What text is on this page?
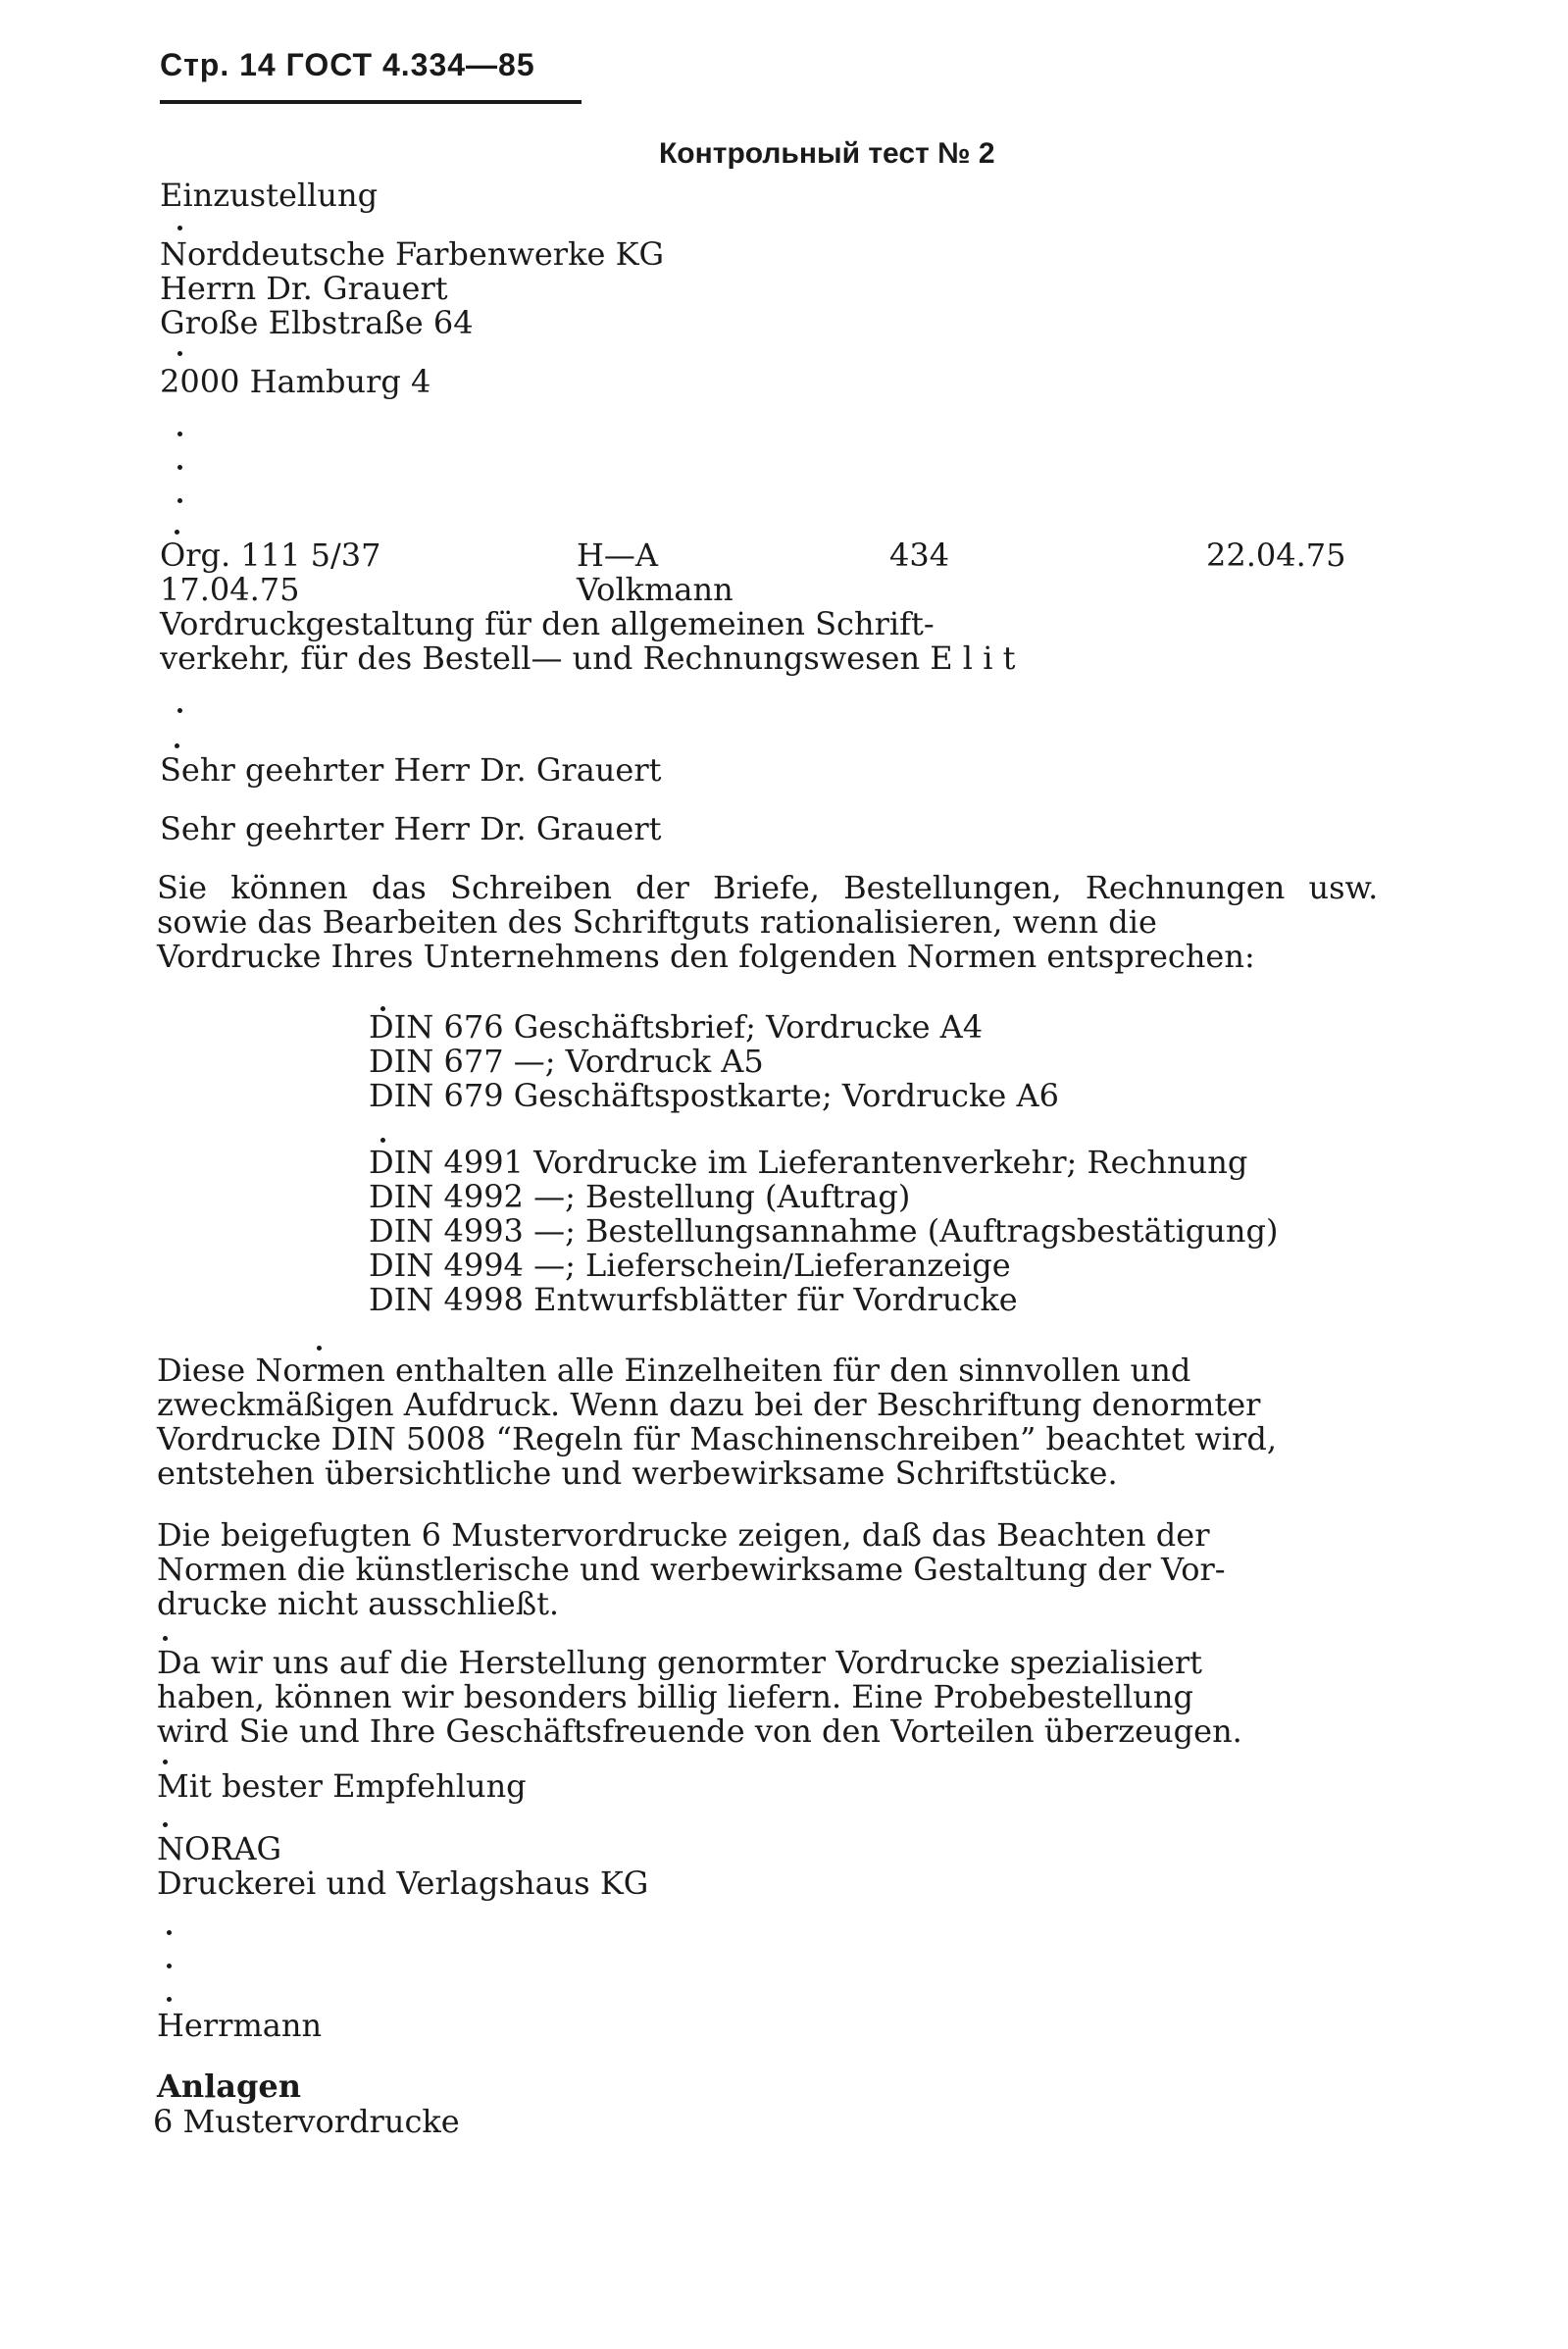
Стр. 14 ГОСТ 4.334—85
Контрольный тест № 2
Einzustellung
Norddeutsche Farbenwerke KG
Herrn Dr. Grauert
Große Elbstraße 64
2000 Hamburg 4
Org. 111 5/37	H—A	434	22.04.75
17.04.75	Volkmann
Vordruckgestaltung für den allgemeinen Schrift-
verkehr, für des Bestell— und Rechnungswesen E l i t
Sehr geehrter Herr Dr. Grauert
Sehr geehrter Herr Dr. Grauert
Sie können das Schreiben der Briefe, Bestellungen, Rechnungen usw.
sowie das Bearbeiten des Schriftguts rationalisieren, wenn die
Vordrucke Ihres Unternehmens den folgenden Normen entsprechen:
DIN 676 Geschäftsbrief; Vordrucke A4
DIN 677 —; Vordruck A5
DIN 679 Geschäftspostkarte; Vordrucke A6
DIN 4991 Vordrucke im Lieferantenverkehr; Rechnung
DIN 4992 —; Bestellung (Auftrag)
DIN 4993 —; Bestellungsannahme (Auftragsbestätigung)
DIN 4994 —; Lieferschein/Lieferanzeige
DIN 4998 Entwurfsblätter für Vordrucke
Diese Normen enthalten alle Einzelheiten für den sinnvollen und
zweckmäßigen Aufdruck. Wenn dazu bei der Beschriftung denormter
Vordrucke DIN 5008 “Regeln für Maschinenschreiben” beachtet wird,
entstehen übersichtliche und werbewirksame Schriftstücke.
Die beigefugten 6 Mustervordrucke zeigen, daß das Beachten der
Normen die künstlerische und werbewirksame Gestaltung der Vor-
drucke nicht ausschließt.
Da wir uns auf die Herstellung genormter Vordrucke spezialisiert
haben, können wir besonders billig liefern. Eine Probebestellung
wird Sie und Ihre Geschäftsfreuende von den Vorteilen überzeugen.
Mit bester Empfehlung
NORAG
Druckerei und Verlagshaus KG
Herrmann
Anlagen
6 Mustervordrucke
